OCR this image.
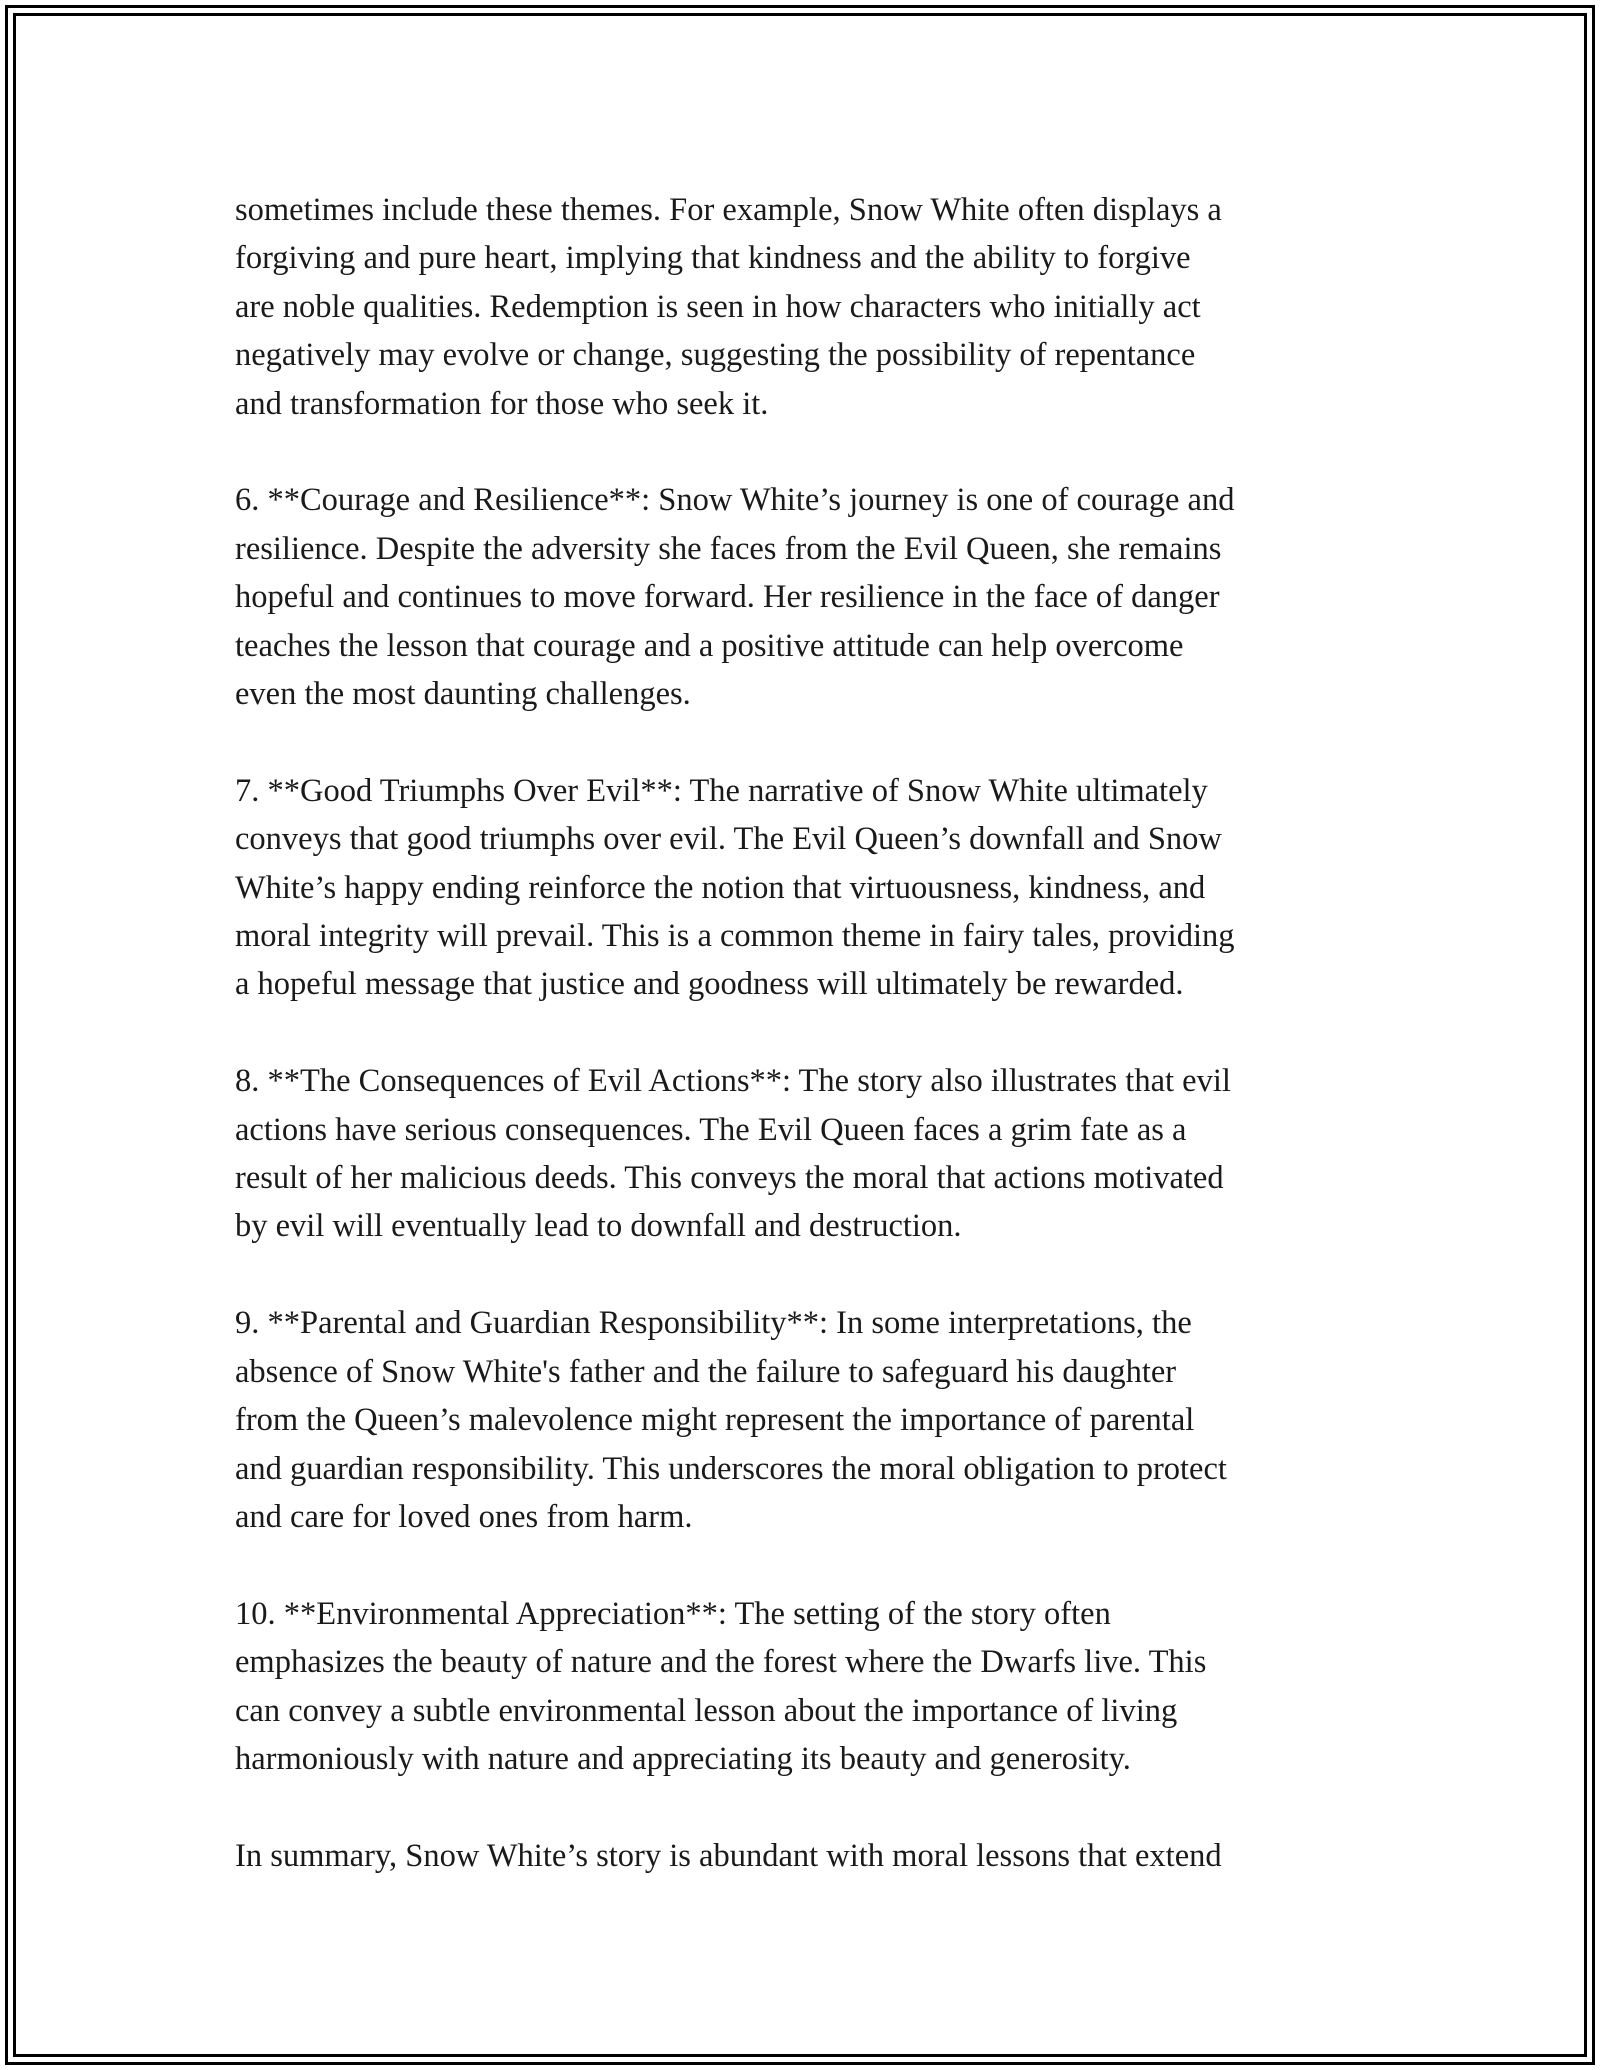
sometimes include these themes. For example, Snow White often displays a
forgiving and pure heart, implying that kindness and the ability to forgive
are noble qualities. Redemption is seen in how characters who initially act
negatively may evolve or change, suggesting the possibility of repentance
and transformation for those who seek it.

6. **Courage and Resilience**: Snow White’s journey is one of courage and
resilience. Despite the adversity she faces from the Evil Queen, she remains
hopeful and continues to move forward. Her resilience in the face of danger
teaches the lesson that courage and a positive attitude can help overcome
even the most daunting challenges.

7. **Good Triumphs Over Evil**: The narrative of Snow White ultimately
conveys that good triumphs over evil. The Evil Queen’s downfall and Snow
White’s happy ending reinforce the notion that virtuousness, kindness, and
moral integrity will prevail. This is a common theme in fairy tales, providing
a hopeful message that justice and goodness will ultimately be rewarded.

8. **The Consequences of Evil Actions**: The story also illustrates that evil
actions have serious consequences. The Evil Queen faces a grim fate as a
result of her malicious deeds. This conveys the moral that actions motivated
by evil will eventually lead to downfall and destruction.

9. **Parental and Guardian Responsibility**: In some interpretations, the
absence of Snow White's father and the failure to safeguard his daughter
from the Queen’s malevolence might represent the importance of parental
and guardian responsibility. This underscores the moral obligation to protect
and care for loved ones from harm.

10. **Environmental Appreciation**: The setting of the story often
emphasizes the beauty of nature and the forest where the Dwarfs live. This
can convey a subtle environmental lesson about the importance of living
harmoniously with nature and appreciating its beauty and generosity.

In summary, Snow White’s story is abundant with moral lessons that extend
